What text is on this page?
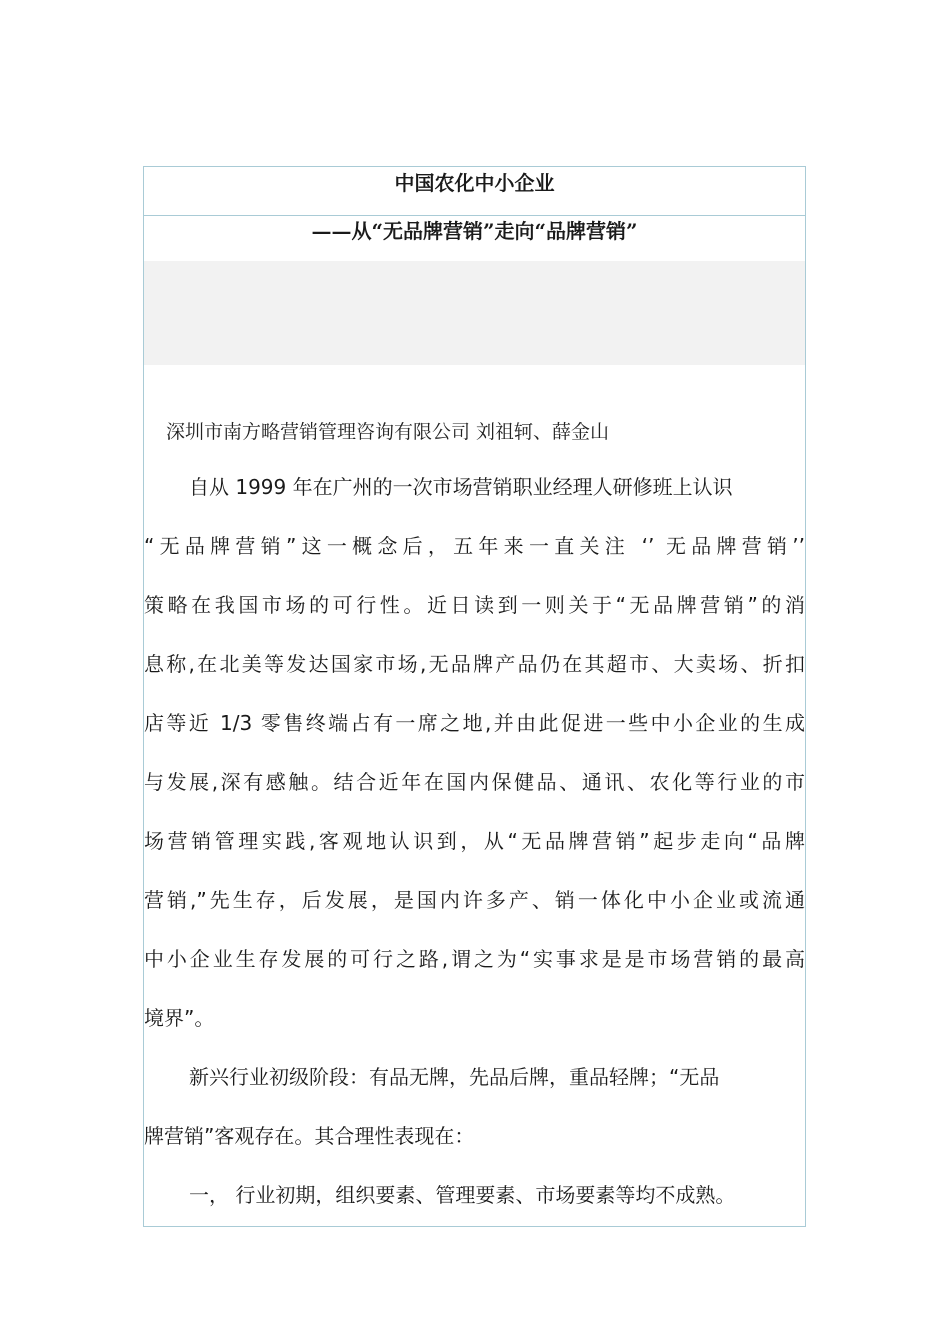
中国农化中小企业
——从“无品牌营销”走向“品牌营销”
深圳市南方略营销管理咨询有限公司 刘祖轲、薛金山
自从 1999 年在广州的一次市场营销职业经理人研修班上认识
“无品牌营销”这一概念后，五年来一直关注 ‘’ 无品牌营销’’
策略在我国市场的可行性。近日读到一则关于“无品牌营销”的消
息称,在北美等发达国家市场,无品牌产品仍在其超市、大卖场、折扣
店等近 1/3 零售终端占有一席之地,并由此促进一些中小企业的生成
与发展,深有感触。结合近年在国内保健品、通讯、农化等行业的市
场营销管理实践,客观地认识到，从“无品牌营销”起步走向“品牌
营销,”先生存，后发展，是国内许多产、销一体化中小企业或流通
中小企业生存发展的可行之路,谓之为“实事求是是市场营销的最高
境界”。
新兴行业初级阶段：有品无牌，先品后牌，重品轻牌；“无品
牌营销”客观存在。其合理性表现在：
一， 行业初期，组织要素、管理要素、市场要素等均不成熟。
